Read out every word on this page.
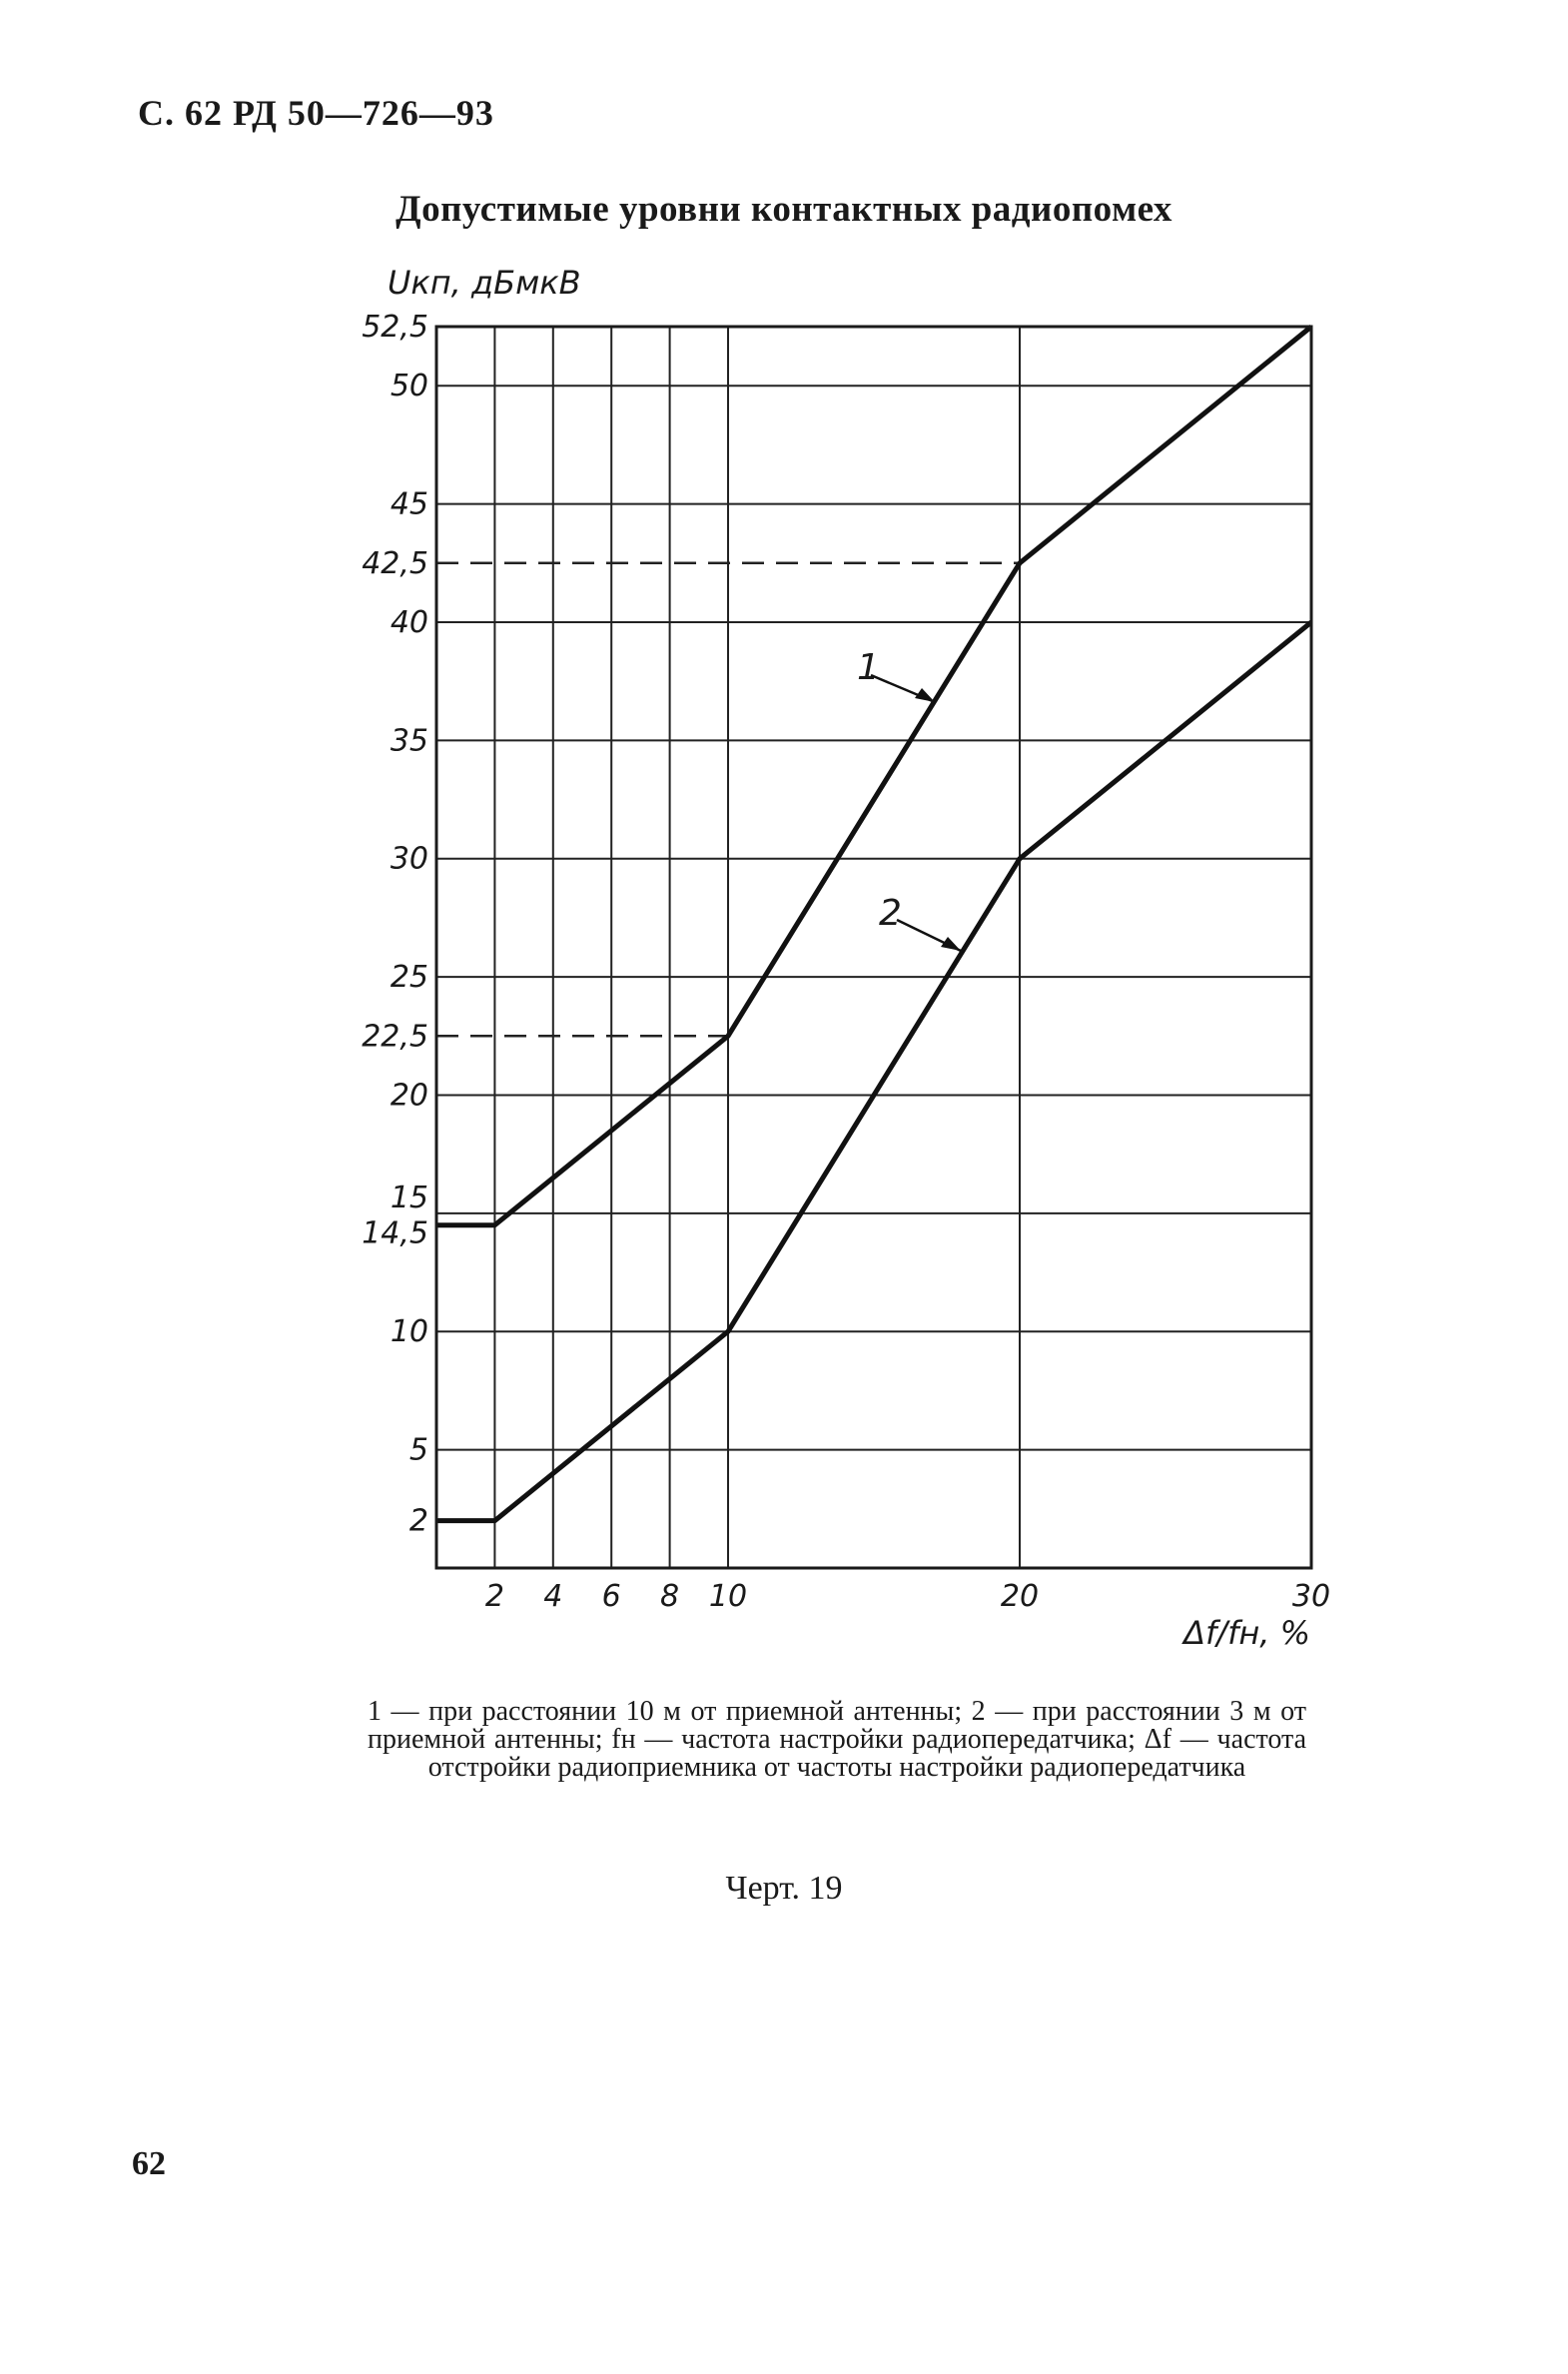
С. 62 РД 50—726—93
Допустимые уровни контактных радиопомех
2
5
10
14,5
15
20
22,5
25
30
35
40
42,5
45
50
52,5
2 4 6 8 10	20	30
Uкп, дБмкВ
Δf/fн, %
1
2
1 — при расстоянии 10 м от приемной антенны; 2 — при расстоянии 3 м от приемной антенны; fн — частота настройки радиопередатчика; Δf — частота отстройки радиоприемника от частоты настройки радиопередатчика
Черт. 19
62
